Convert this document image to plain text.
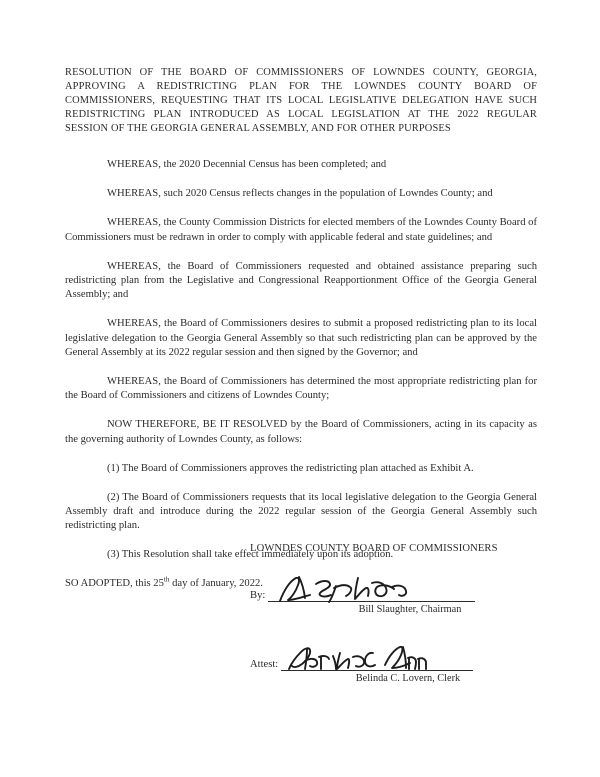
RESOLUTION OF THE BOARD OF COMMISSIONERS OF LOWNDES COUNTY, GEORGIA,
APPROVING A REDISTRICTING PLAN FOR THE LOWNDES COUNTY BOARD OF
COMMISSIONERS, REQUESTING THAT ITS LOCAL LEGISLATIVE DELEGATION HAVE SUCH
REDISTRICTING PLAN INTRODUCED AS LOCAL LEGISLATION AT THE 2022 REGULAR
SESSION OF THE GEORGIA GENERAL ASSEMBLY, AND FOR OTHER PURPOSES

WHEREAS, the 2020 Decennial Census has been completed; and

WHEREAS, such 2020 Census reflects changes in the population of Lowndes County; and

WHEREAS, the County Commission Districts for elected members of the Lowndes County Board of Commissioners must be redrawn in order to comply with applicable federal and state guidelines; and

WHEREAS, the Board of Commissioners requested and obtained assistance preparing such redistricting plan from the Legislative and Congressional Reapportionment Office of the Georgia General Assembly; and

WHEREAS, the Board of Commissioners desires to submit a proposed redistricting plan to its local legislative delegation to the Georgia General Assembly so that such redistricting plan can be approved by the General Assembly at its 2022 regular session and then signed by the Governor; and

WHEREAS, the Board of Commissioners has determined the most appropriate redistricting plan for the Board of Commissioners and citizens of Lowndes County;

NOW THEREFORE, BE IT RESOLVED by the Board of Commissioners, acting in its capacity as the governing authority of Lowndes County, as follows:

(1) The Board of Commissioners approves the redistricting plan attached as Exhibit A.

(2) The Board of Commissioners requests that its local legislative delegation to the Georgia General Assembly draft and introduce during the 2022 regular session of the Georgia General Assembly such redistricting plan.

(3) This Resolution shall take effect immediately upon its adoption.

SO ADOPTED, this 25th day of January, 2022.

LOWNDES COUNTY BOARD OF COMMISSIONERS
By:
Bill Slaughter, Chairman
Attest:
Belinda C. Lovern, Clerk
